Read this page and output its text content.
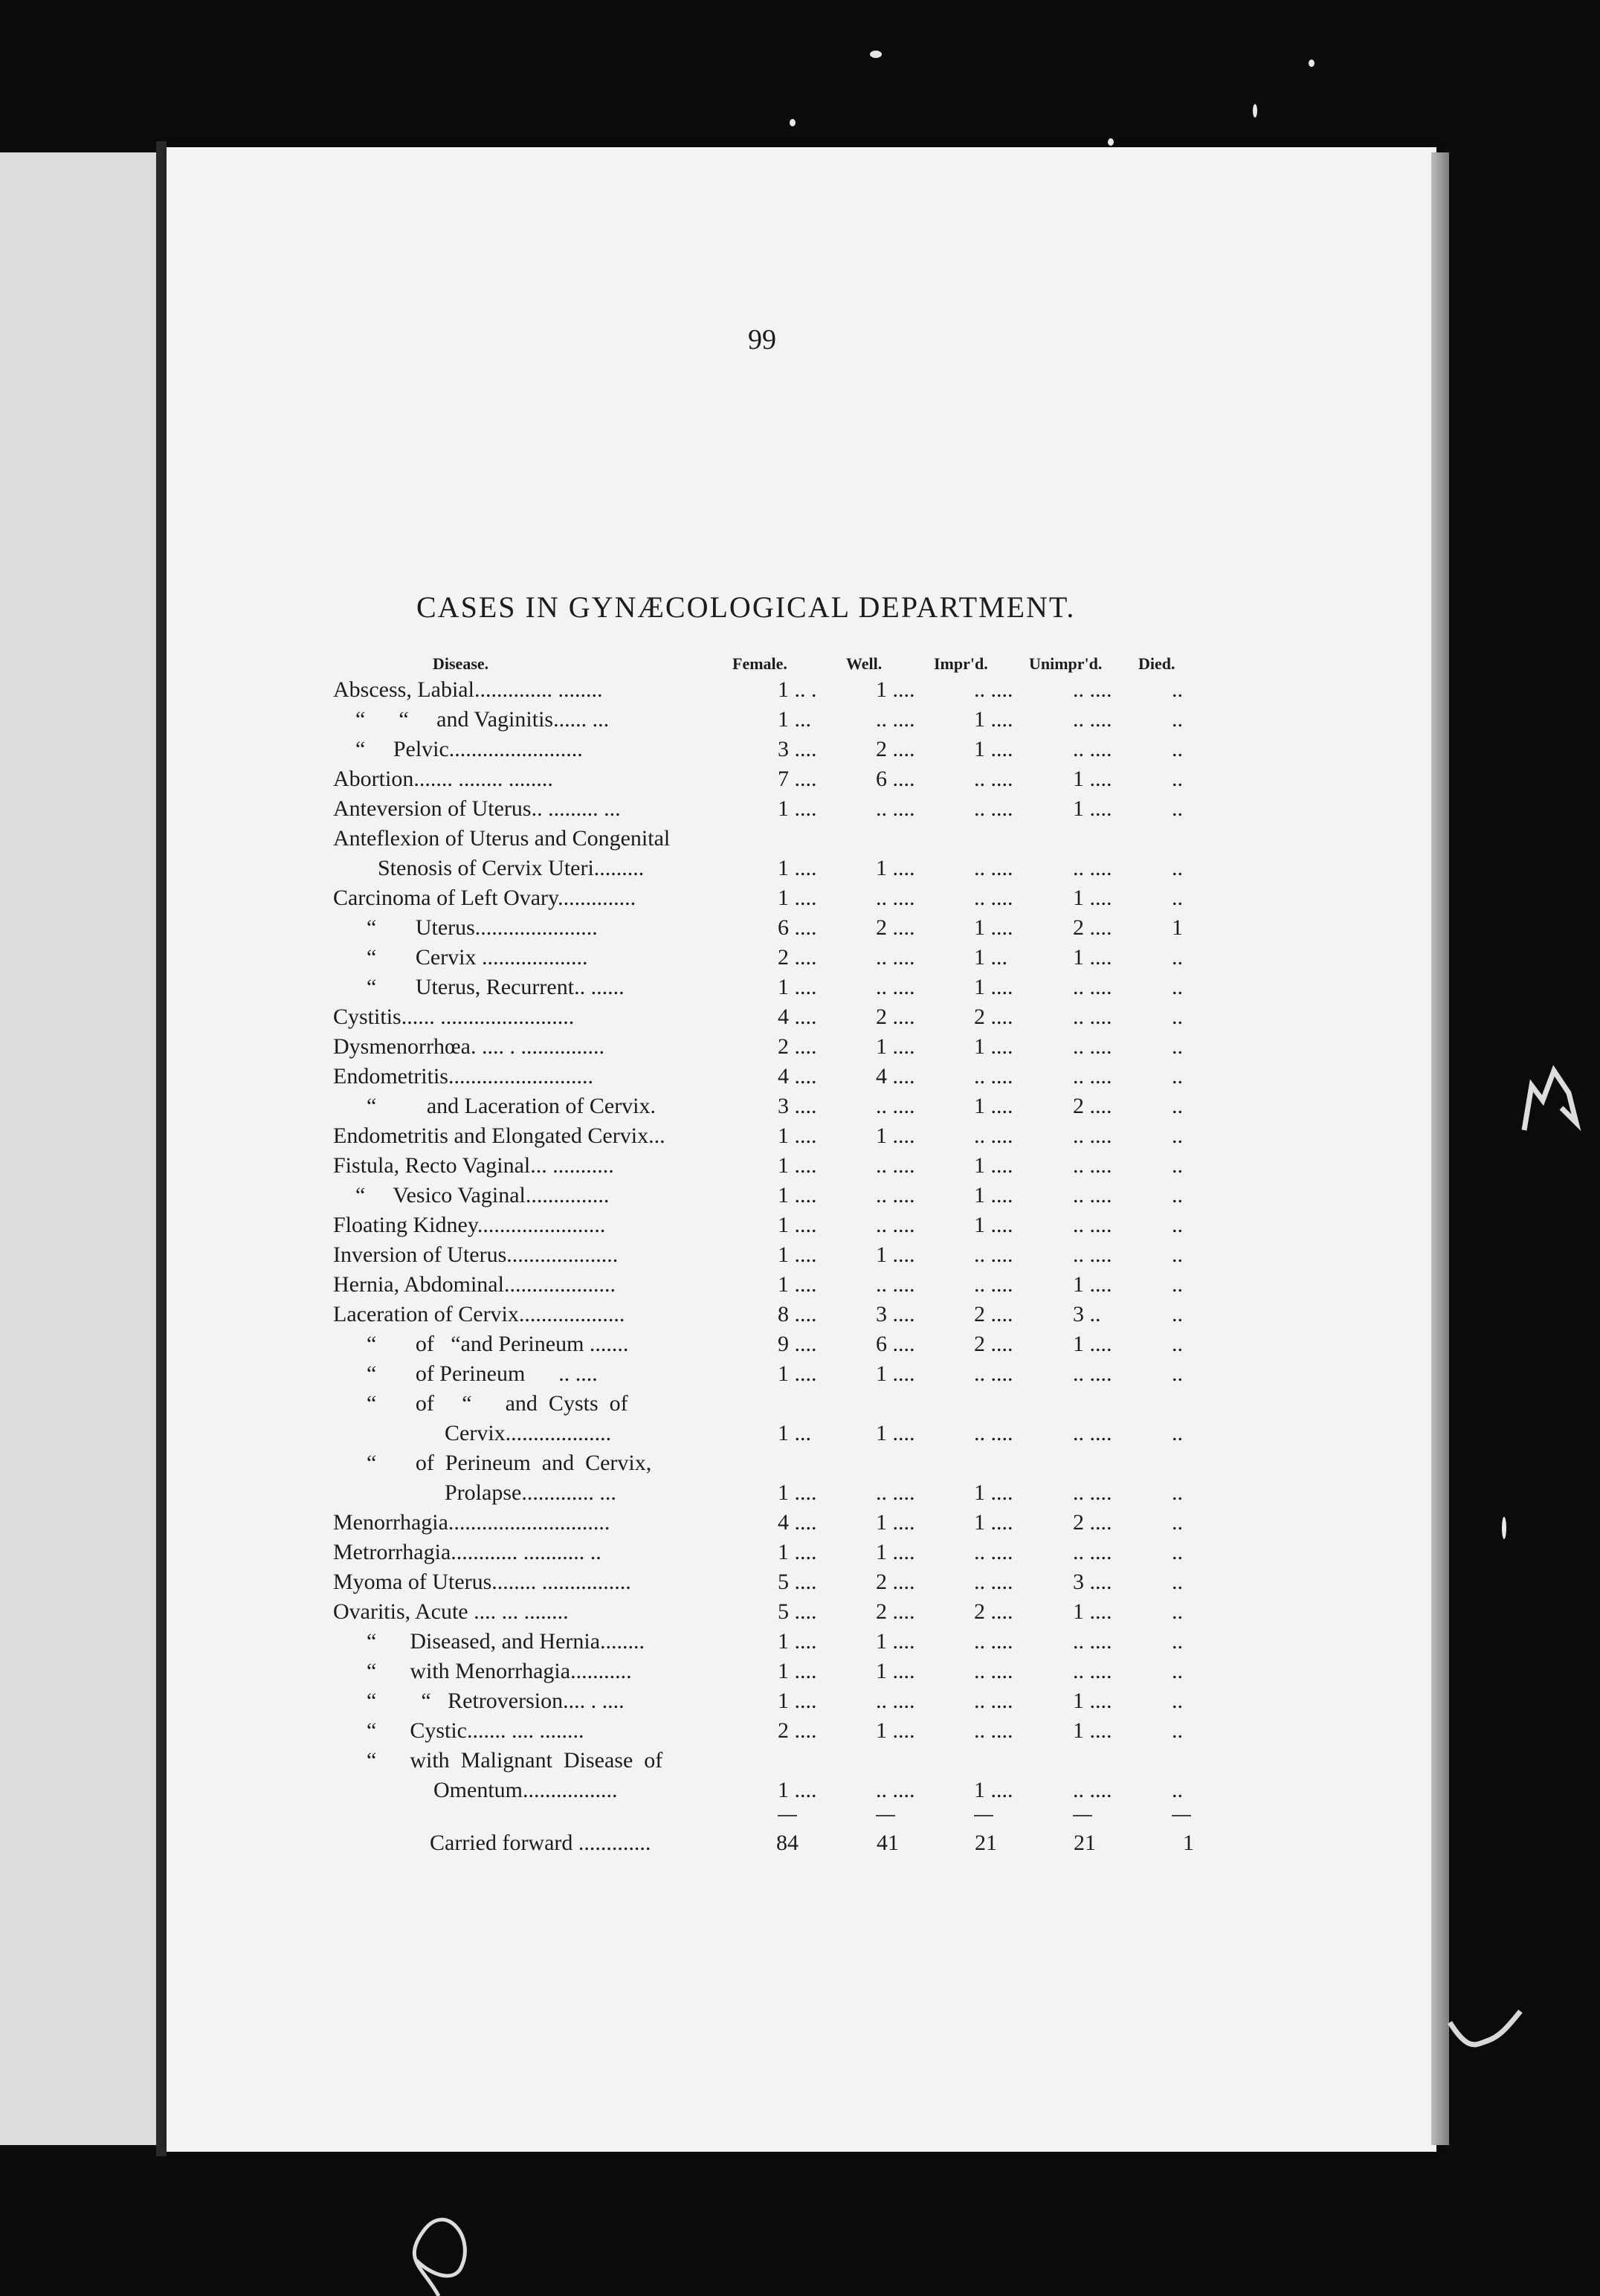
99
CASES IN GYNÆCOLOGICAL DEPARTMENT.
Disease.	Female.	Well.	Impr'd.	Unimpr'd. Died.
Abscess, Labial.............. ........	1 .. .	1 ....	.. ....	.. ....	..
“      “     and Vaginitis...... ...	1 ...	.. ....	1 ....	.. ....	..
“     Pelvic........................	3 ....	2 ....	1 ....	.. ....	..
Abortion....... ........ ........	7 ....	6 ....	.. ....	1 ....	..
Anteversion of Uterus.. ......... ...	1 ....	.. ....	.. ....	1 ....	..
Anteflexion of Uterus and Congenital
Stenosis of Cervix Uteri.........	1 ....	1 ....	.. ....	.. ....	..
Carcinoma of Left Ovary..............	1 ....	.. ....	.. ....	1 ....	..
“       Uterus......................	6 ....	2 ....	1 ....	2 ....	1
“       Cervix ...................	2 ....	.. ....	1 ...	1 ....	..
“       Uterus, Recurrent.. ......	1 ....	.. ....	1 ....	.. ....	..
Cystitis...... ........................	4 ....	2 ....	2 ....	.. ....	..
Dysmenorrhœa. .... . ...............	2 ....	1 ....	1 ....	.. ....	..
Endometritis..........................	4 ....	4 ....	.. ....	.. ....	..
“         and Laceration of Cervix.	3 ....	.. ....	1 ....	2 ....	..
Endometritis and Elongated Cervix...	1 ....	1 ....	.. ....	.. ....	..
Fistula, Recto Vaginal... ...........	1 ....	.. ....	1 ....	.. ....	..
“     Vesico Vaginal...............	1 ....	.. ....	1 ....	.. ....	..
Floating Kidney.......................	1 ....	.. ....	1 ....	.. ....	..
Inversion of Uterus....................	1 ....	1 ....	.. ....	.. ....	..
Hernia, Abdominal....................	1 ....	.. ....	.. ....	1 ....	..
Laceration of Cervix...................	8 ....	3 ....	2 ....	3 ..	..
“       of   “and Perineum .......	9 ....	6 ....	2 ....	1 ....	..
“       of Perineum      .. ....	1 ....	1 ....	.. ....	.. ....	..
“       of     “      and  Cysts  of
Cervix...................	1 ...	1 ....	.. ....	.. ....	..
“       of  Perineum  and  Cervix,
Prolapse............. ...	1 ....	.. ....	1 ....	.. ....	..
Menorrhagia.............................	4 ....	1 ....	1 ....	2 ....	..
Metrorrhagia............ ........... ..	1 ....	1 ....	.. ....	.. ....	..
Myoma of Uterus........ ................	5 ....	2 ....	.. ....	3 ....	..
Ovaritis, Acute .... ... ........	5 ....	2 ....	2 ....	1 ....	..
“      Diseased, and Hernia........	1 ....	1 ....	.. ....	.. ....	..
“      with Menorrhagia...........	1 ....	1 ....	.. ....	.. ....	..
“        “   Retroversion.... . ....	1 ....	.. ....	.. ....	1 ....	..
“      Cystic....... .... ........	2 ....	1 ....	.. ....	1 ....	..
“      with  Malignant  Disease  of
Omentum.................	1 ....	.. ....	1 ....	.. ....	..
Carried forward .............	84	41	21	21	1
